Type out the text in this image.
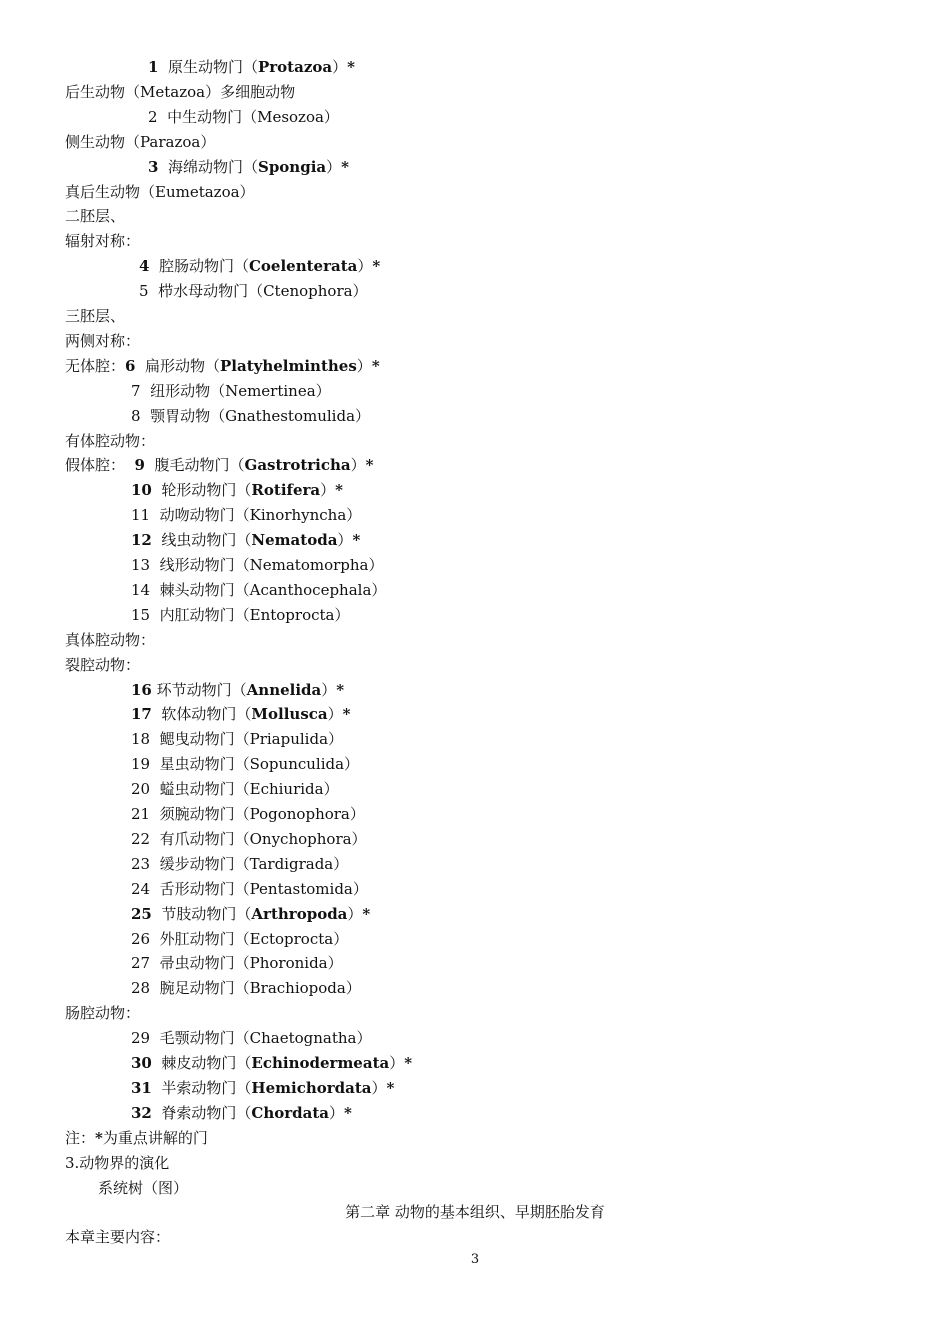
1  原生动物门（Protazoa）*
后生动物（Metazoa）多细胞动物
2  中生动物门（Mesozoa）
侧生动物（Parazoa）
3  海绵动物门（Spongia）*
真后生动物（Eumetazoa）
二胚层、
辐射对称：
4  腔肠动物门（Coelenterata）*
5  栉水母动物门（Ctenophora）
三胚层、
两侧对称：
无体腔：6  扁形动物（Platyhelminthes）*
7  纽形动物（Nemertinea）
8  颚胃动物（Gnathestomulida）
有体腔动物：
假体腔：  9  腹毛动物门（Gastrotricha）*
10  轮形动物门（Rotifera）*
11  动吻动物门（Kinorhyncha）
12  线虫动物门（Nematoda）*
13  线形动物门（Nematomorpha）
14  棘头动物门（Acanthocephala）
15  内肛动物门（Entoprocta）
真体腔动物：
裂腔动物：
16 环节动物门（Annelida）*
17  软体动物门（Mollusca）*
18  鳃曳动物门（Priapulida）
19  星虫动物门（Sopunculida）
20  螠虫动物门（Echiurida）
21  须腕动物门（Pogonophora）
22  有爪动物门（Onychophora）
23  缓步动物门（Tardigrada）
24  舌形动物门（Pentastomida）
25  节肢动物门（Arthropoda）*
26  外肛动物门（Ectoprocta）
27  帚虫动物门（Phoronida）
28  腕足动物门（Brachiopoda）
肠腔动物：
29  毛颚动物门（Chaetognatha）
30  棘皮动物门（Echinodermeata）*
31  半索动物门（Hemichordata）*
32  脊索动物门（Chordata）*
注：*为重点讲解的门
3.动物界的演化
系统树（图）
第二章 动物的基本组织、早期胚胎发育
本章主要内容：
3
